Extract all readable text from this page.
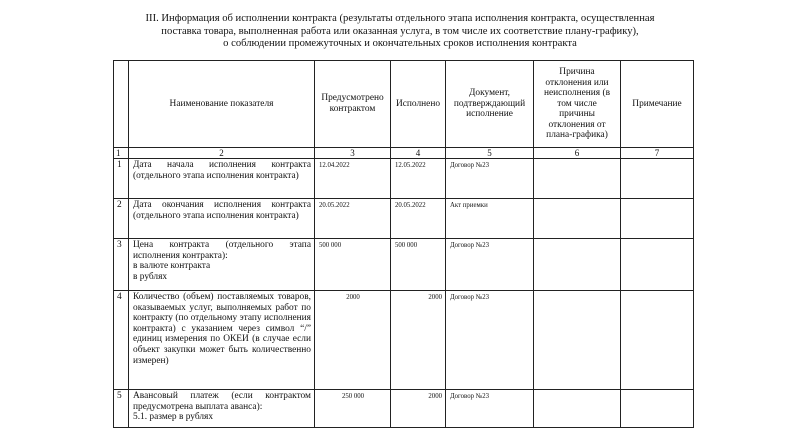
III. Информация об исполнении контракта (результаты отдельного этапа исполнения контракта, осуществленная
поставка товара, выполненная работа или оказанная услуга, в том числе их соответствие плану-графику),
о соблюдении промежуточных и окончательных сроков исполнения контракта
	Наименование показателя	Предусмотрено контрактом	Исполнено	Документ, подтверждающий исполнение	Причина отклонения или неисполнения (в том числе причины отклонения от плана-графика)	Примечание
1	2	3	4	5	6	7
1	Дата начала исполнения контракта (отдельного этапа исполнения контракта)	12.04.2022	12.05.2022	Договор №23		
2	Дата окончания исполнения контракта (отдельного этапа исполнения контракта)	20.05.2022	20.05.2022	Акт приемки		
3	Цена контракта (отдельного этапа исполнения контракта):
в валюте контракта
в рублях	500 000	500 000	Договор №23		
4	Количество (объем) поставляемых товаров, оказываемых услуг, выполняемых работ по контракту (по отдельному этапу исполнения контракта) с указанием через символ “/” единиц измерения по ОКЕИ (в случае если объект закупки может быть количественно измерен)	2000	2000	Договор №23		
5	Авансовый платеж (если контрактом предусмотрена выплата аванса):
5.1. размер в рублях	250 000	2000	Договор №23		
